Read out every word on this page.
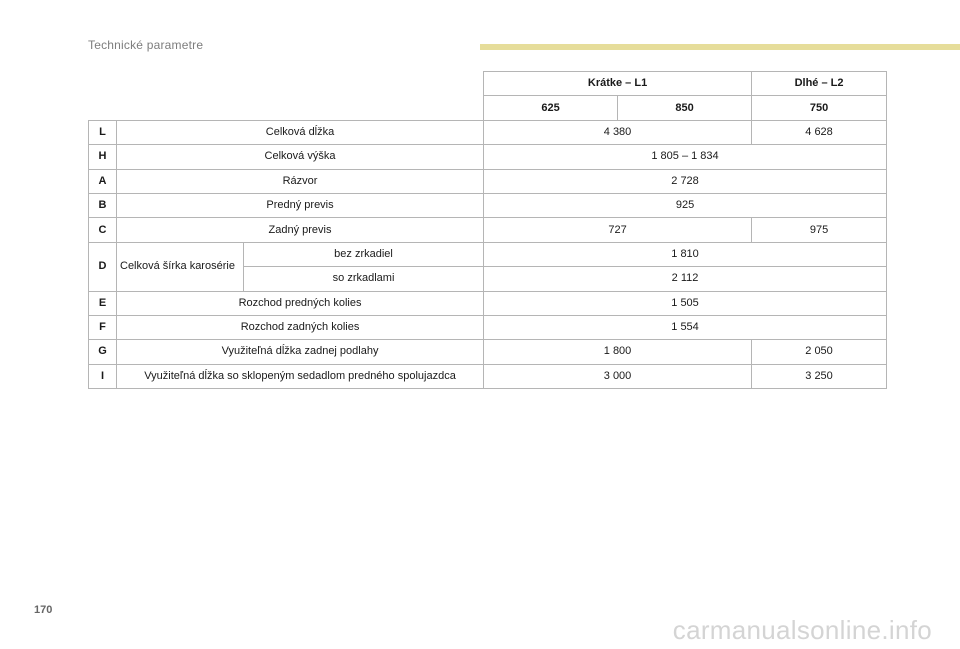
Technické parametre
			Krátke – L1		Dlhé – L2
			625	850	750
L	Celková dĺžka		4 380		4 628
H	Celková výška		1 805 – 1 834		
A	Rázvor		2 728		
B	Predný previs		925		
C	Zadný previs		727		975
D	Celková šírka karosérie	bez zrkadiel	1 810		
		so zrkadlami	2 112		
E	Rozchod predných kolies		1 505		
F	Rozchod zadných kolies		1 554		
G	Využiteľná dĺžka zadnej podlahy		1 800		2 050
I	Využiteľná dĺžka so sklopeným sedadlom predného spolujazdca		3 000		3 250
170
carmanualsonline.info
